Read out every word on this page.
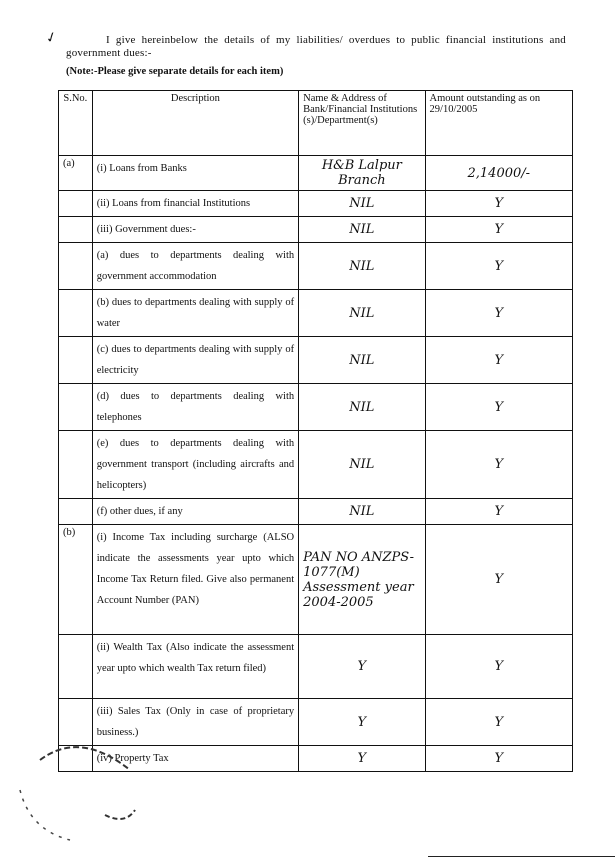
✓	I give hereinbelow the details of my liabilities/ overdues to public financial institutions and government dues:-
(Note:-Please give separate details for each item)
S.No.	Description	Name & Address of Bank/Financial Institutions (s)/Department(s)	Amount outstanding as on 29/10/2005
(a)	(i) Loans from Banks	H&B Lalpur Branch	2,14000/-
	(ii) Loans from financial Institutions	NIL	Y
	(iii) Government dues:-	NIL	Y
	(a) dues to departments dealing with government accommodation	NIL	Y
	(b) dues to departments dealing with supply of water	NIL	Y
	(c) dues to departments dealing with supply of electricity	NIL	Y
	(d) dues to departments dealing with telephones	NIL	Y
	(e) dues to departments dealing with government transport (including aircrafts and helicopters)	NIL	Y
	(f) other dues, if any	NIL	Y
(b)	(i) Income Tax including surcharge (ALSO indicate the assessments year upto which Income Tax Return filed. Give also permanent Account Number (PAN)	PAN NO ANZPS-1077(M) Assessment year 2004-2005	Y
	(ii) Wealth Tax (Also indicate the assessment year upto which wealth Tax return filed)	Y	Y
	(iii) Sales Tax (Only in case of proprietary business.)	Y	Y
	(iv) Property Tax	Y	Y
